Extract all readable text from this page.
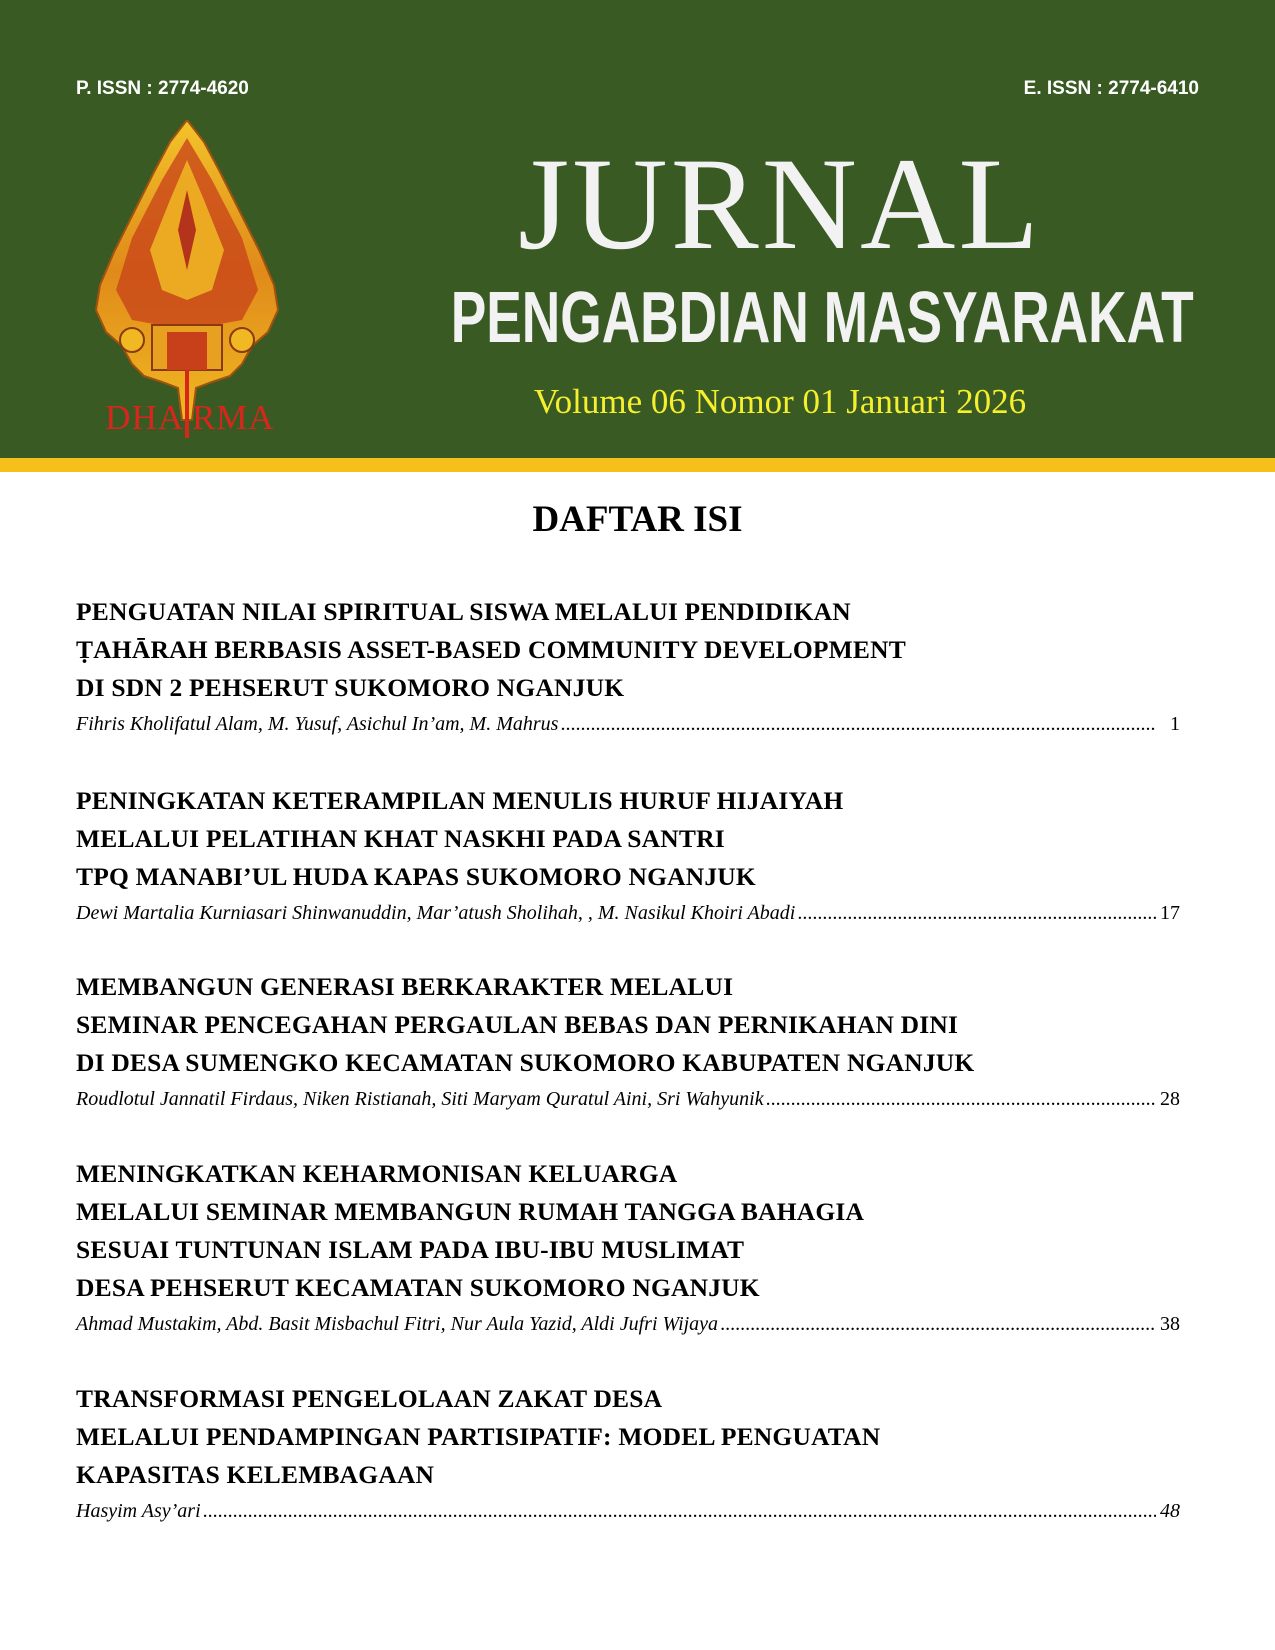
P. ISSN : 2774-4620	E. ISSN : 2774-6410
DHA RMA
JURNAL
PENGABDIAN MASYARAKAT
Volume 06 Nomor 01 Januari 2026
DAFTAR ISI
PENGUATAN NILAI SPIRITUAL SISWA MELALUI PENDIDIKAN
ṬAHĀRAH BERBASIS ASSET-BASED COMMUNITY DEVELOPMENT
DI SDN 2 PEHSERUT SUKOMORO NGANJUK
Fihris Kholifatul Alam, M. Yusuf, Asichul In’am, M. Mahrus .....	1
PENINGKATAN KETERAMPILAN MENULIS HURUF HIJAIYAH
MELALUI PELATIHAN KHAT NASKHI PADA SANTRI
TPQ MANABI’UL HUDA KAPAS SUKOMORO NGANJUK
Dewi Martalia Kurniasari Shinwanuddin, Mar’atush Sholihah, , M. Nasikul Khoiri Abadi .....	17
MEMBANGUN GENERASI BERKARAKTER MELALUI
SEMINAR PENCEGAHAN PERGAULAN BEBAS DAN PERNIKAHAN DINI
DI DESA SUMENGKO KECAMATAN SUKOMORO KABUPATEN NGANJUK
Roudlotul Jannatil Firdaus, Niken Ristianah, Siti Maryam Quratul Aini, Sri Wahyunik .....	28
MENINGKATKAN KEHARMONISAN KELUARGA
MELALUI SEMINAR MEMBANGUN RUMAH TANGGA BAHAGIA
SESUAI TUNTUNAN ISLAM PADA IBU-IBU MUSLIMAT
DESA PEHSERUT KECAMATAN SUKOMORO NGANJUK
Ahmad Mustakim, Abd. Basit Misbachul Fitri, Nur Aula Yazid, Aldi Jufri Wijaya .....	38
TRANSFORMASI PENGELOLAAN ZAKAT DESA
MELALUI PENDAMPINGAN PARTISIPATIF: MODEL PENGUATAN
KAPASITAS KELEMBAGAAN
Hasyim Asy’ari .....	48
